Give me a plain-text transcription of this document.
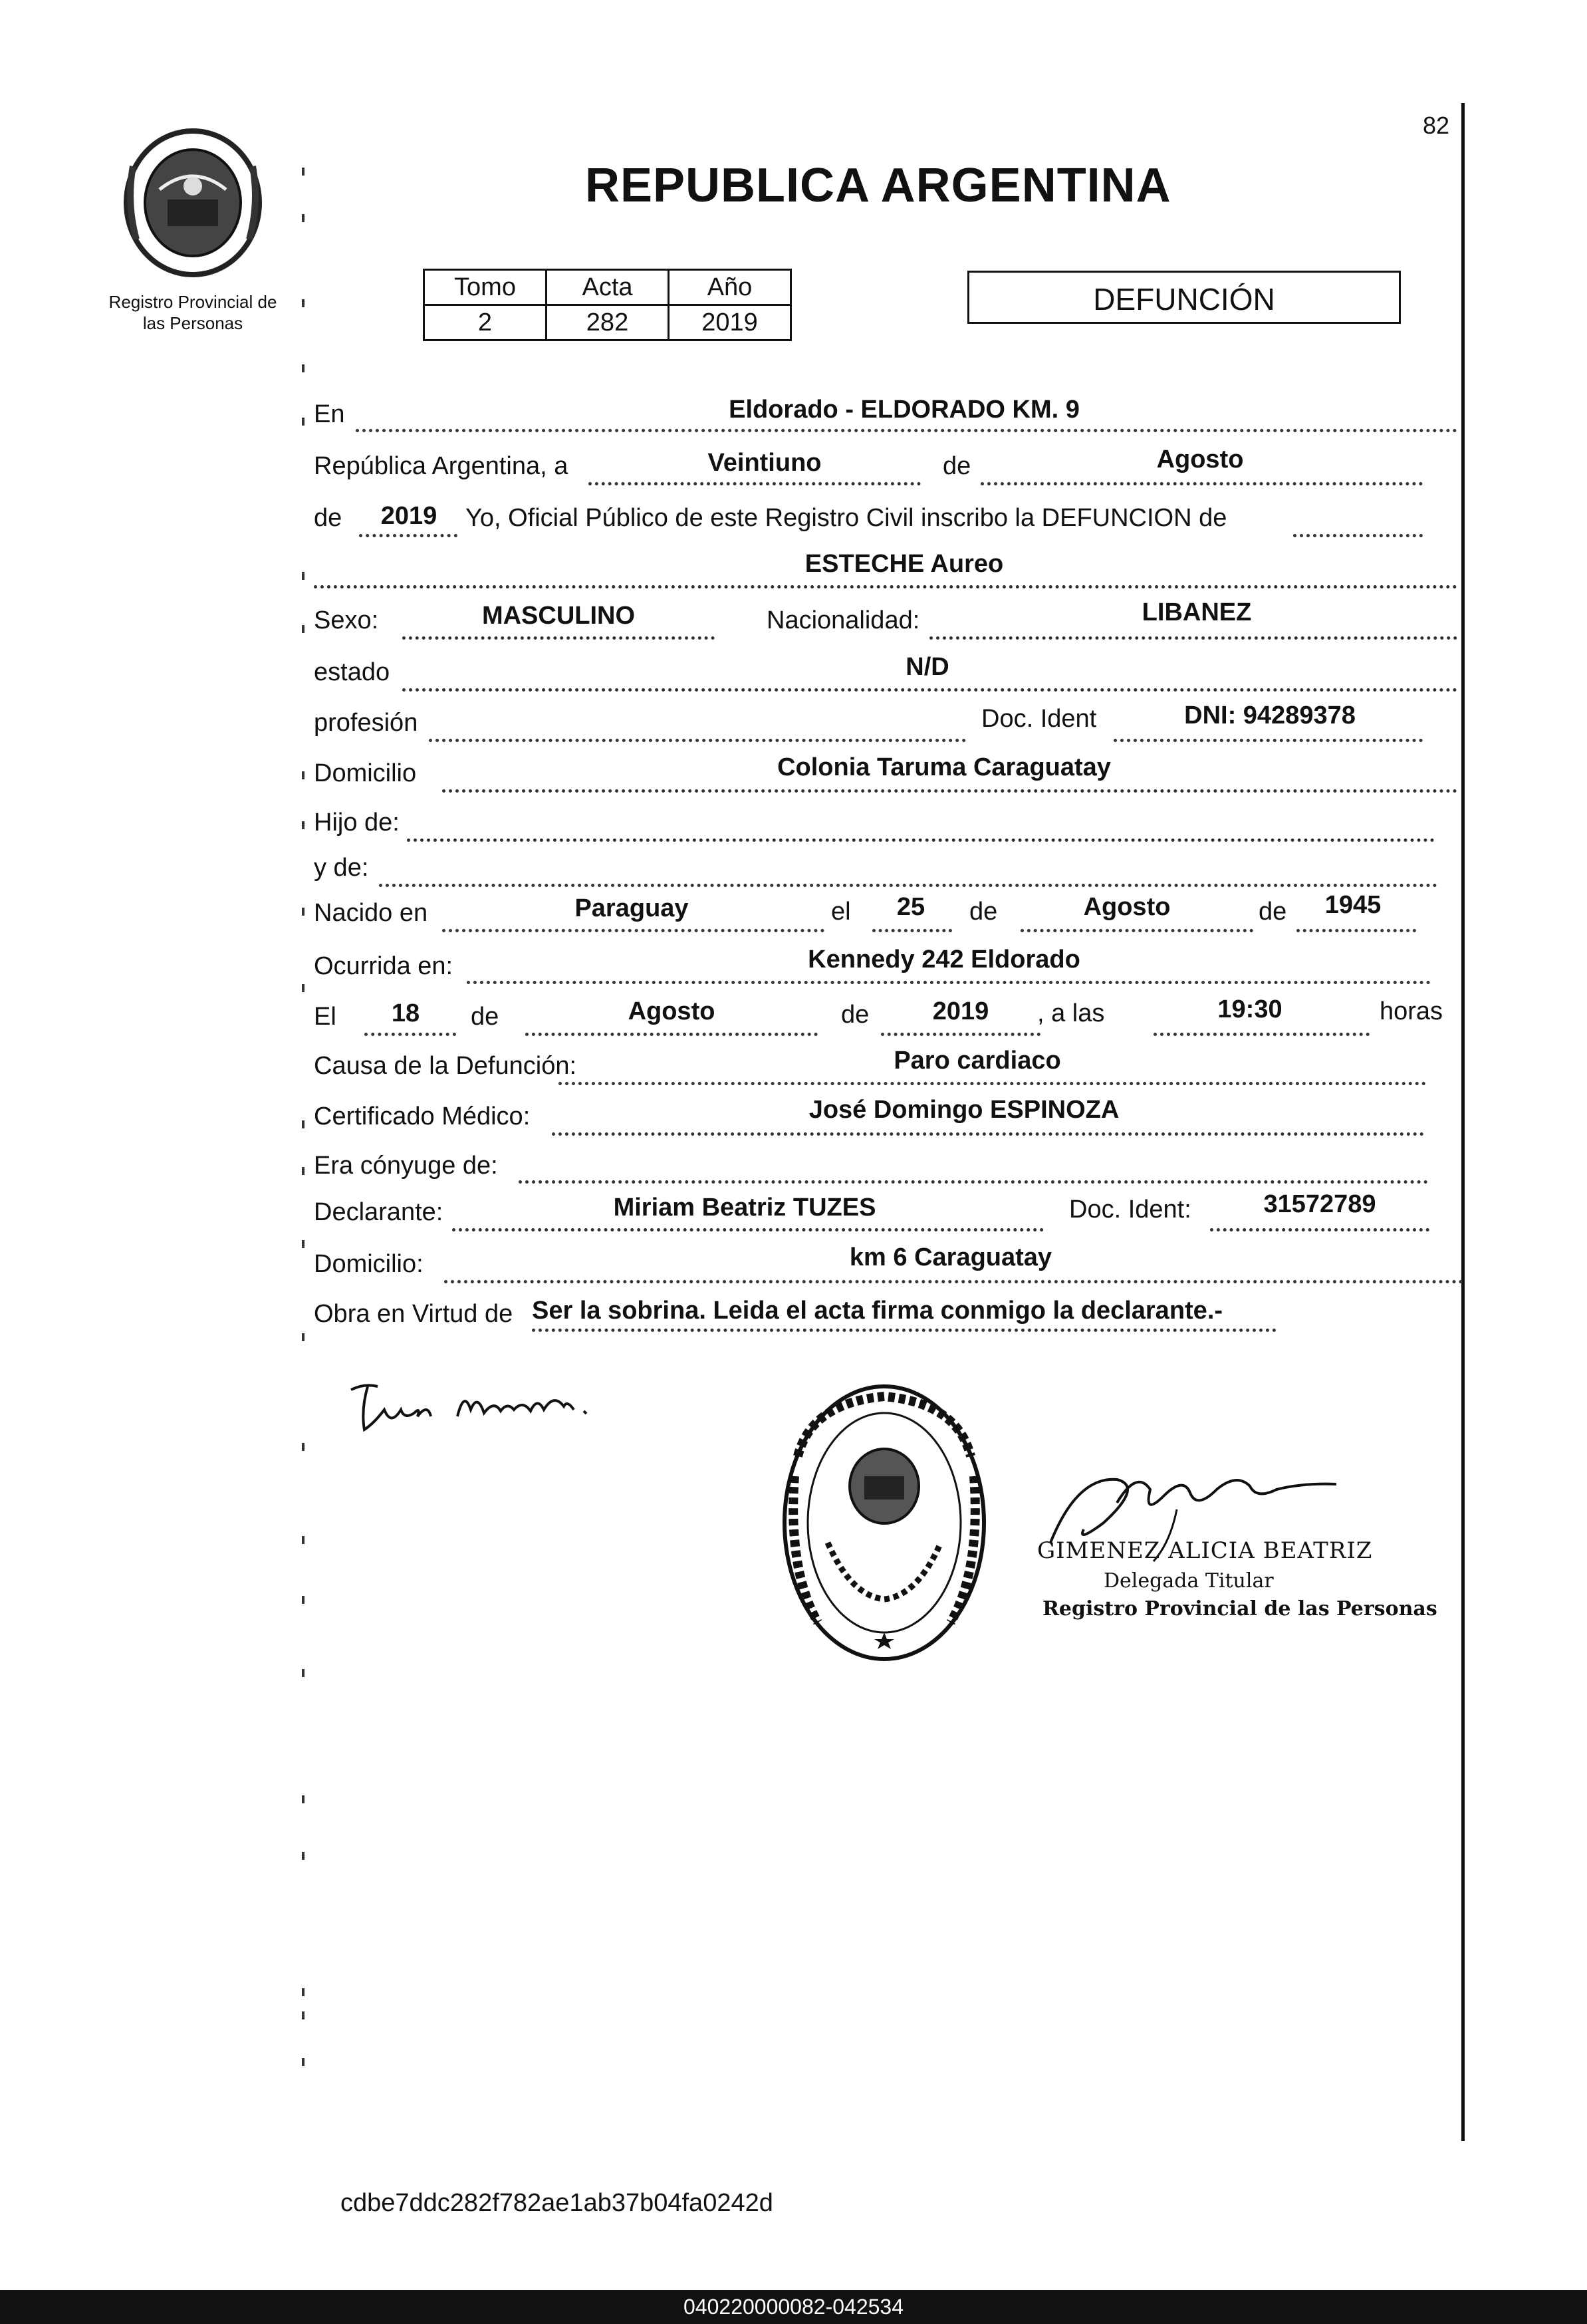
82
REPUBLICA ARGENTINA
Registro Provincial de
las Personas
Tomo	Acta	Año
2	282	2019
DEFUNCIÓN
En	Eldorado - ELDORADO KM. 9
República Argentina, a	Veintiuno	de	Agosto
de	2019	Yo, Oficial Público de este Registro Civil inscribo la DEFUNCION de
ESTECHE Aureo
Sexo:	MASCULINO	Nacionalidad:	LIBANEZ
estado	N/D
profesión	Doc. Ident	DNI: 94289378
Domicilio	Colonia Taruma Caraguatay
Hijo de:
y de:
Nacido en	Paraguay	el	25	de	Agosto	de	1945
Ocurrida en:	Kennedy 242 Eldorado
El	18	de	Agosto	de	2019	, a las	19:30	horas
Causa de la Defunción:	Paro cardiaco
Certificado Médico:	José Domingo ESPINOZA
Era cónyuge de:
Declarante:	Miriam Beatriz TUZES	Doc. Ident:	31572789
Domicilio:	km 6 Caraguatay
Obra en Virtud de Ser la sobrina. Leida el acta firma conmigo la declarante.-
GIMENEZ ALICIA BEATRIZ
Delegada Titular
Registro Provincial de las Personas
cdbe7ddc282f782ae1ab37b04fa0242d
040220000082-042534
